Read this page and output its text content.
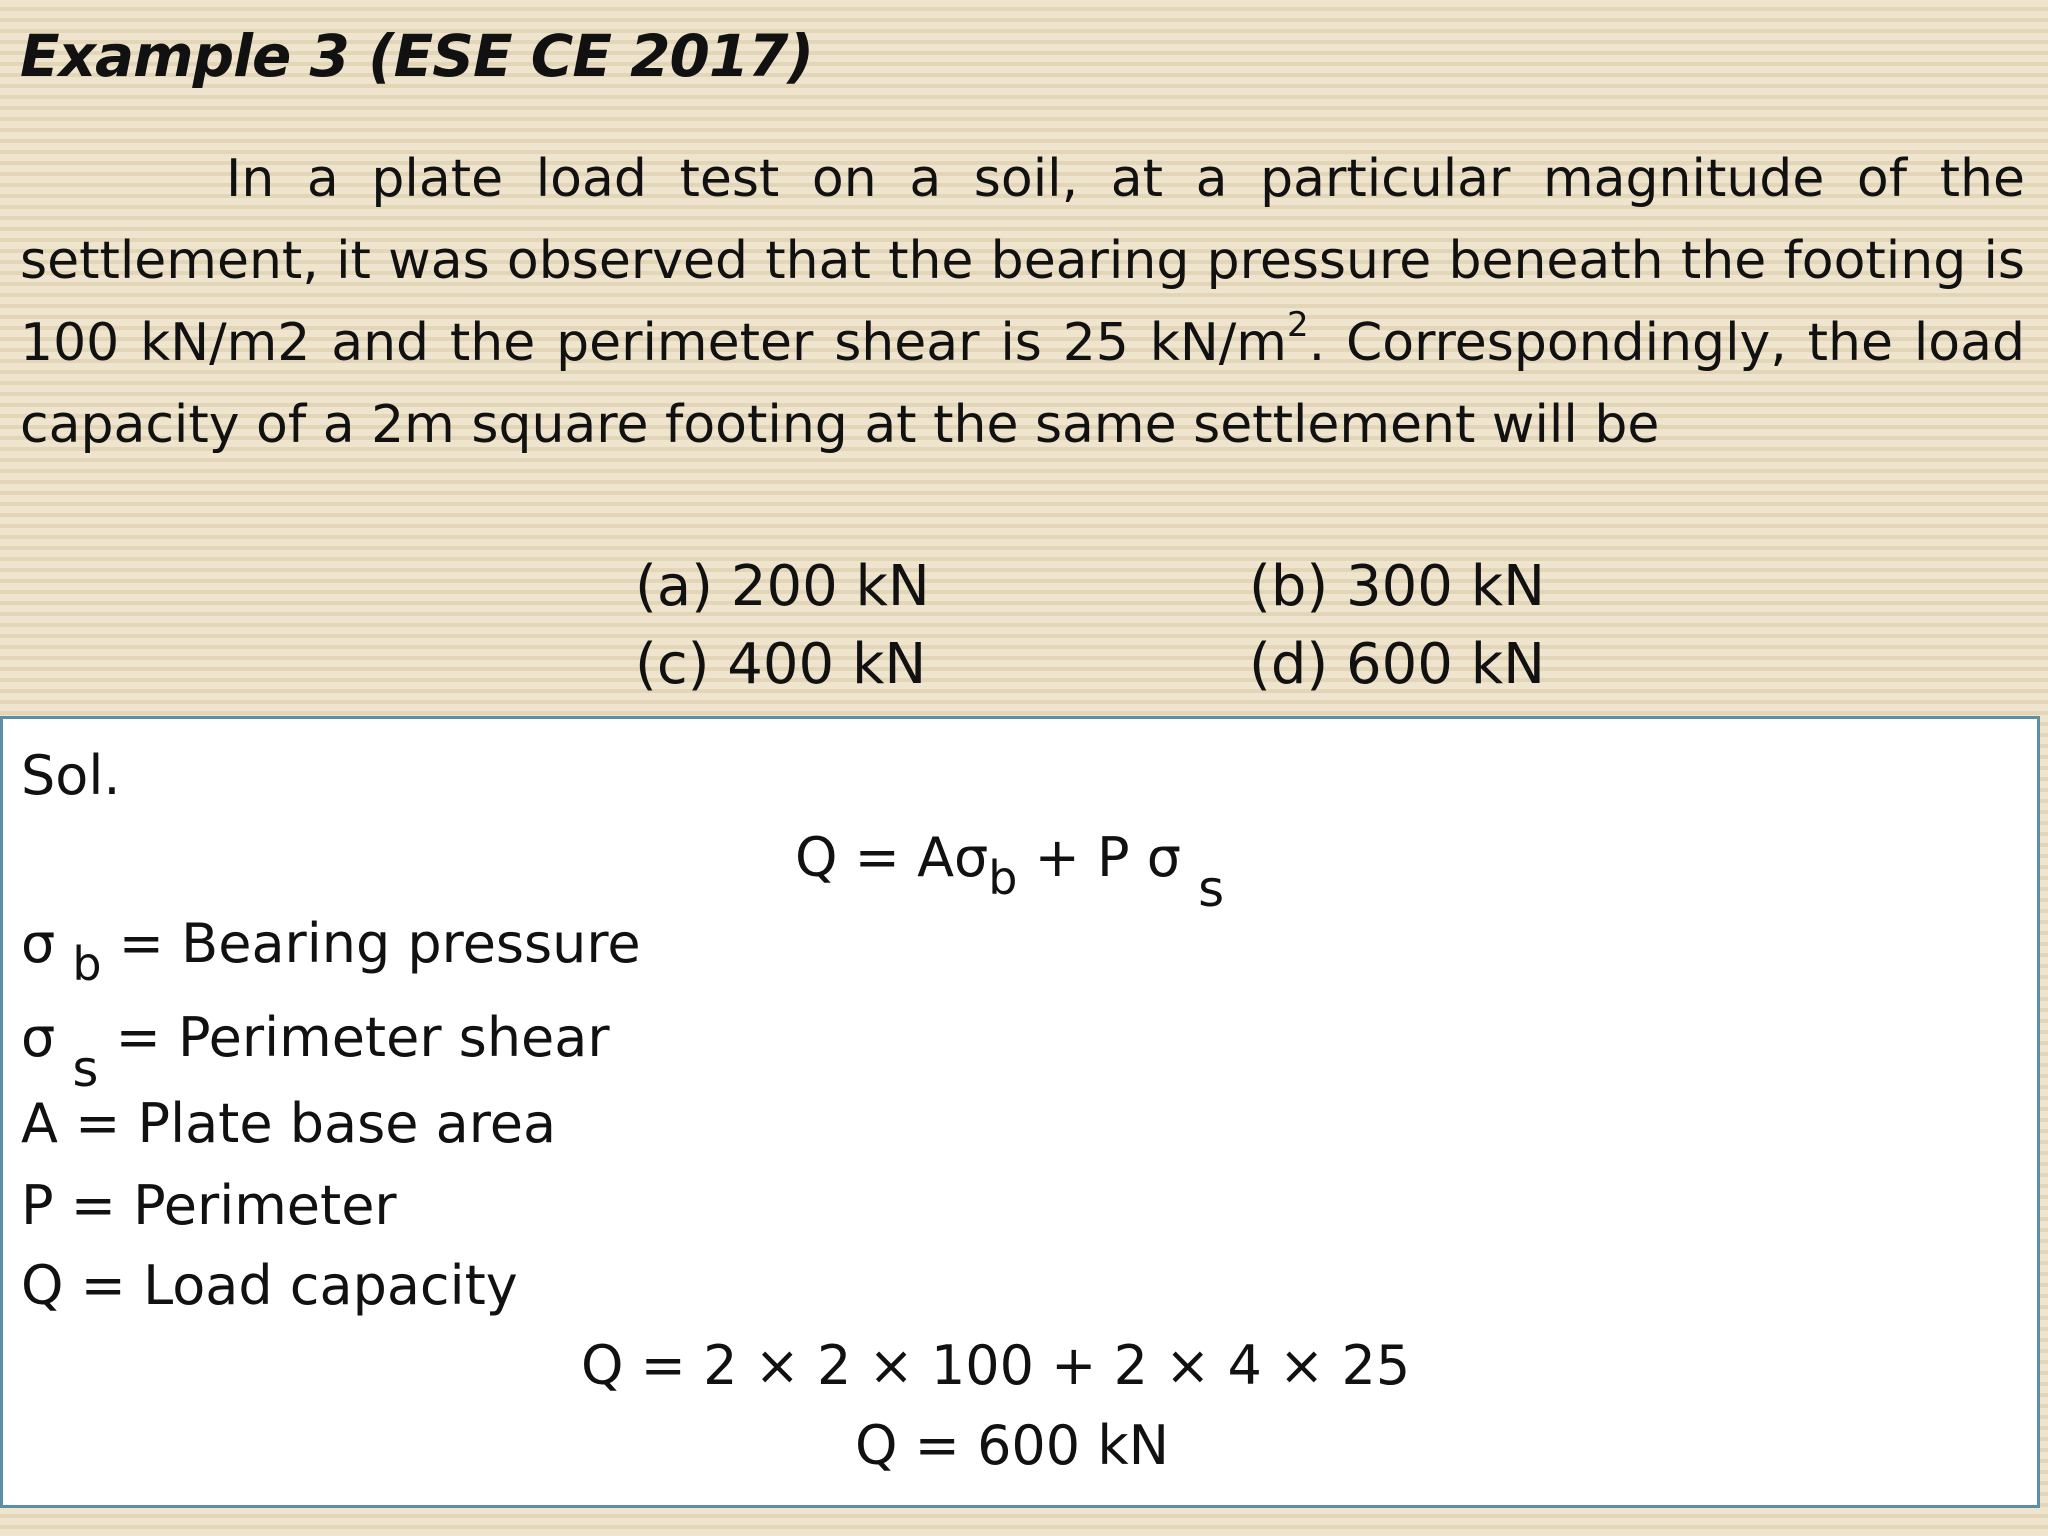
Example 3 (ESE CE 2017)

In a plate load test on a soil, at a particular magnitude of the settlement, it was observed that the bearing pressure beneath the footing is 100 kN/m2 and the perimeter shear is 25 $kN/m^2$. Correspondingly, the load capacity of a 2m square footing at the same settlement will be

(a) 200 kN	(b) 300 kN
(c) 400 kN	(d) 600 kN
Sol.
Q = Aσb + P σ s
σ b = Bearing pressure
σ s = Perimeter shear
A = Plate base area
P = Perimeter
Q = Load capacity
Q = 2 × 2 × 100 + 2 × 4 × 25
Q = 600 kN
